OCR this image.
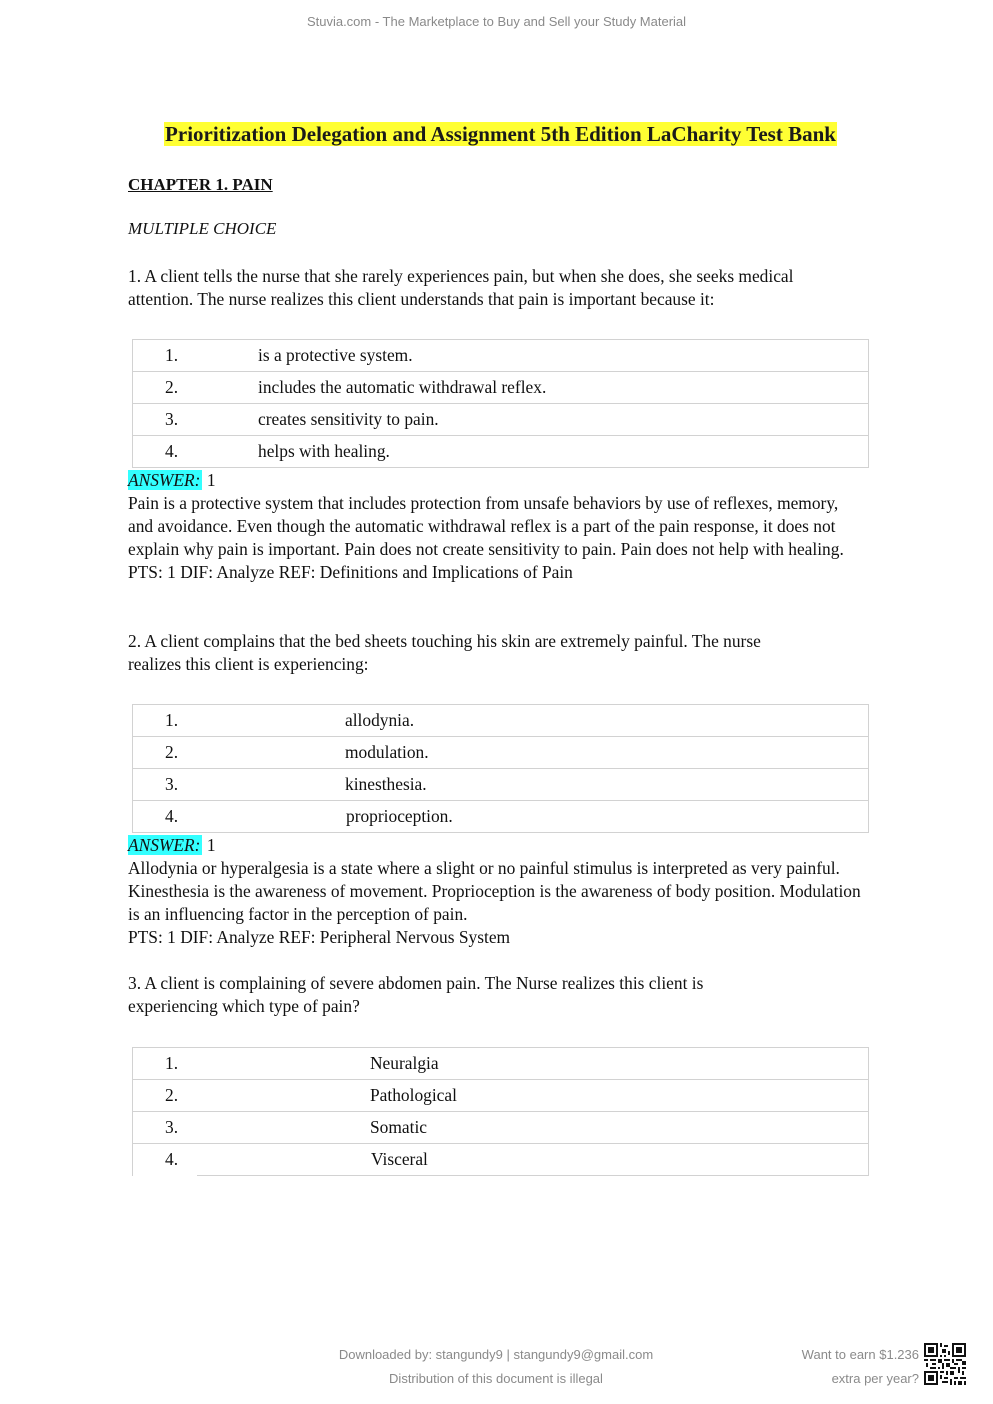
Stuvia.com - The Marketplace to Buy and Sell your Study Material
Prioritization Delegation and Assignment 5th Edition LaCharity Test Bank
CHAPTER 1. PAIN
MULTIPLE CHOICE

1. A client tells the nurse that she rarely experiences pain, but when she does, she seeks medical attention. The nurse realizes this client understands that pain is important because it:

1.	is a protective system.
2.	includes the automatic withdrawal reflex.
3.	creates sensitivity to pain.
4.	helps with healing.
ANSWER: 1
Pain is a protective system that includes protection from unsafe behaviors by use of reflexes, memory, and avoidance. Even though the automatic withdrawal reflex is a part of the pain response, it does not explain why pain is important. Pain does not create sensitivity to pain. Pain does not help with healing.
PTS: 1 DIF: Analyze REF: Definitions and Implications of Pain

2. A client complains that the bed sheets touching his skin are extremely painful. The nurse realizes this client is experiencing:

1.	allodynia.
2.	modulation.
3.	kinesthesia.
4.	proprioception.
ANSWER: 1
Allodynia or hyperalgesia is a state where a slight or no painful stimulus is interpreted as very painful. Kinesthesia is the awareness of movement. Proprioception is the awareness of body position. Modulation is an influencing factor in the perception of pain.
PTS: 1 DIF: Analyze REF: Peripheral Nervous System

3. A client is complaining of severe abdomen pain. The Nurse realizes this client is experiencing which type of pain?

1.	Neuralgia
2.	Pathological
3.	Somatic
4.	Visceral
Downloaded by: stangundy9 | stangundy9@gmail.com
Distribution of this document is illegal
Want to earn $1.236
extra per year?
